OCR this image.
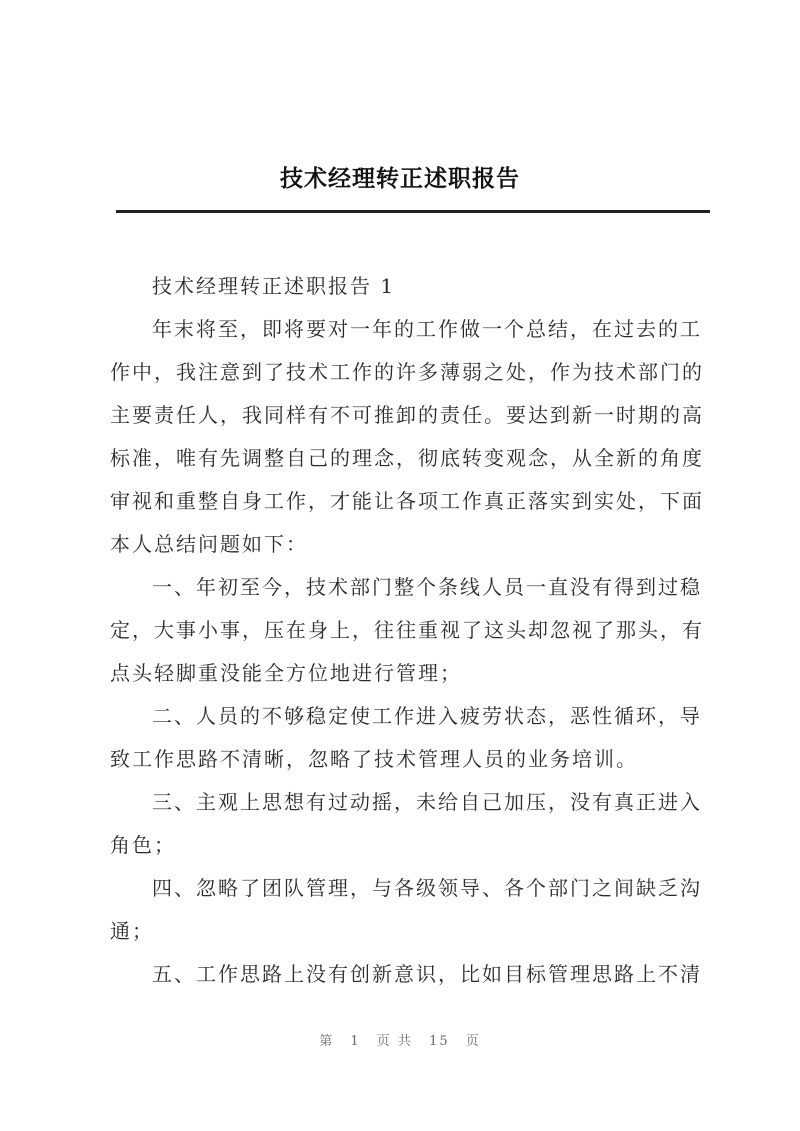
技术经理转正述职报告

技术经理转正述职报告 1

年末将至，即将要对一年的工作做一个总结，在过去的工作中，我注意到了技术工作的许多薄弱之处，作为技术部门的主要责任人，我同样有不可推卸的责任。要达到新一时期的高标准，唯有先调整自己的理念，彻底转变观念，从全新的角度审视和重整自身工作，才能让各项工作真正落实到实处，下面本人总结问题如下：

一、年初至今，技术部门整个条线人员一直没有得到过稳定，大事小事，压在身上，往往重视了这头却忽视了那头，有点头轻脚重没能全方位地进行管理；

二、人员的不够稳定使工作进入疲劳状态，恶性循环，导致工作思路不清晰，忽略了技术管理人员的业务培训。

三、主观上思想有过动摇，未给自己加压，没有真正进入角色；

四、忽略了团队管理，与各级领导、各个部门之间缺乏沟通；

五、工作思路上没有创新意识，比如目标管理思路上不清

第 1 页 共 15 页
